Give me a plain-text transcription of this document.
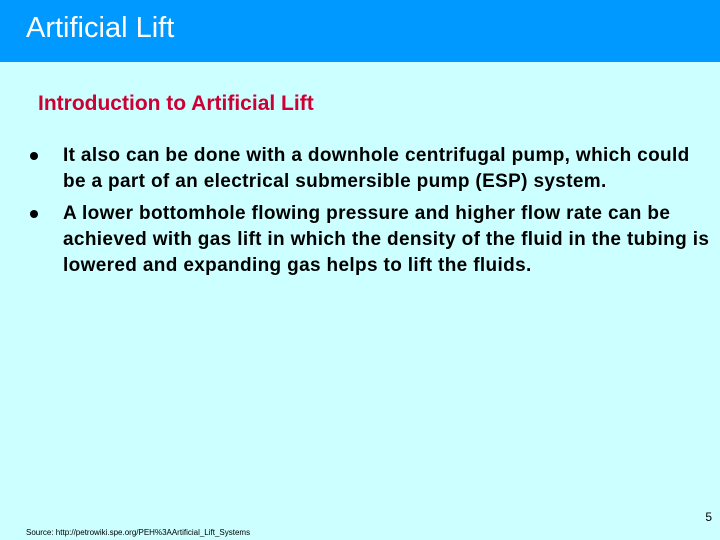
Artificial Lift
Introduction to Artificial Lift
It also can be done with a downhole centrifugal pump, which could be a part of an electrical submersible pump (ESP) system.
A lower bottomhole flowing pressure and higher flow rate can be achieved with gas lift in which the density of the fluid in the tubing is lowered and expanding gas helps to lift the fluids.
5
Source: http://petrowiki.spe.org/PEH%3AArtificial_Lift_Systems
